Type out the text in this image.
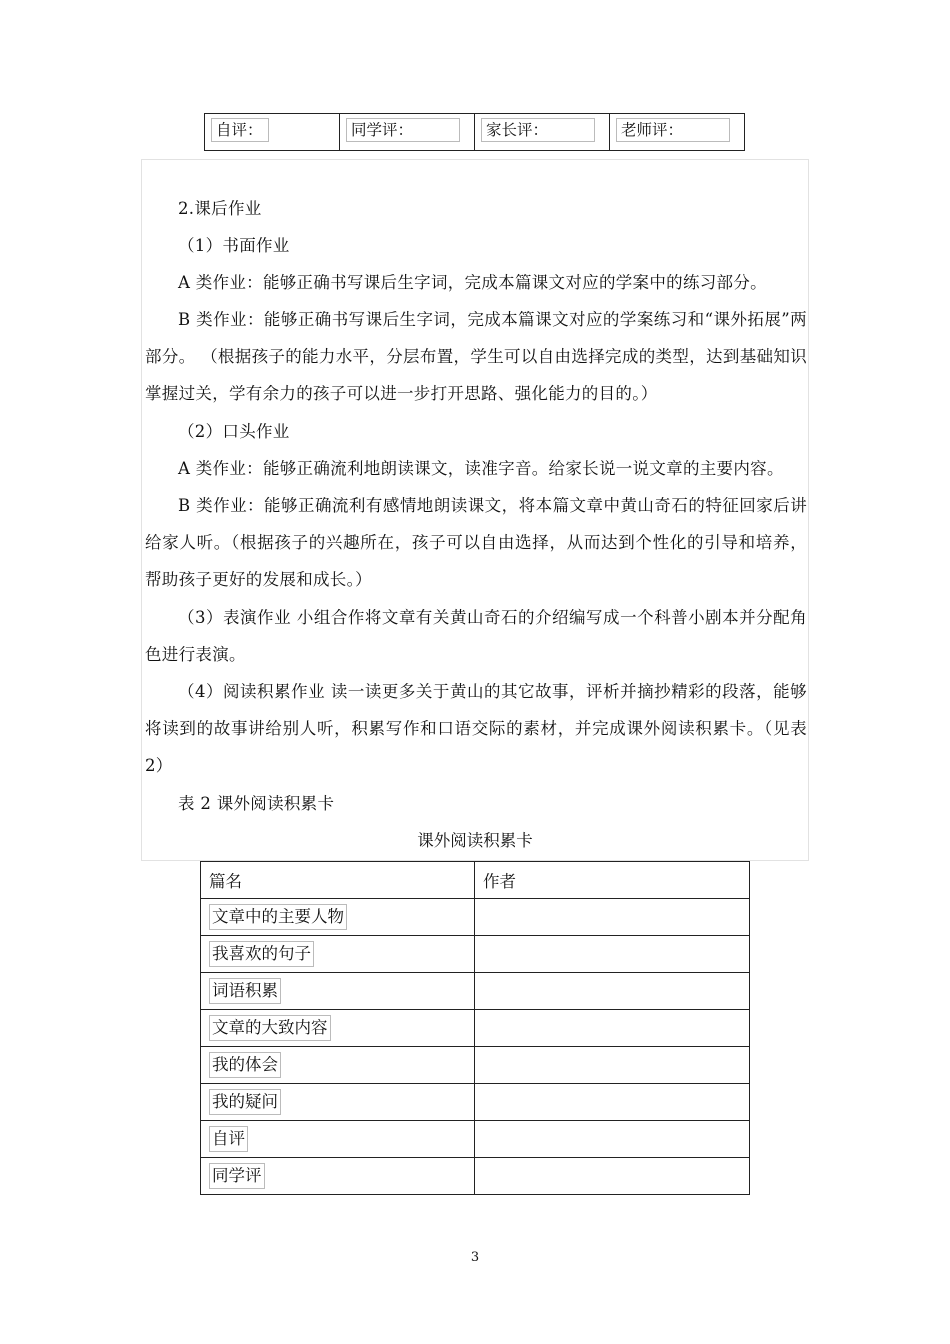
自评：	同学评：	家长评：	老师评：

2.课后作业

（1）书面作业

A 类作业：能够正确书写课后生字词，完成本篇课文对应的学案中的练习部分。

B 类作业：能够正确书写课后生字词，完成本篇课文对应的学案练习和“课外拓展”两部分。 （根据孩子的能力水平，分层布置，学生可以自由选择完成的类型，达到基础知识掌握过关，学有余力的孩子可以进一步打开思路、强化能力的目的。）

（2）口头作业

A 类作业：能够正确流利地朗读课文，读准字音。给家长说一说文章的主要内容。

B 类作业：能够正确流利有感情地朗读课文，将本篇文章中黄山奇石的特征回家后讲给家人听。（根据孩子的兴趣所在，孩子可以自由选择，从而达到个性化的引导和培养，帮助孩子更好的发展和成长。）

（3）表演作业 小组合作将文章有关黄山奇石的介绍编写成一个科普小剧本并分配角色进行表演。

（4）阅读积累作业 读一读更多关于黄山的其它故事，评析并摘抄精彩的段落，能够将读到的故事讲给别人听，积累写作和口语交际的素材，并完成课外阅读积累卡。（见表 2）

表 2 课外阅读积累卡

课外阅读积累卡
篇名	作者
文章中的主要人物	
我喜欢的句子	
词语积累	
文章的大致内容	
我的体会	
我的疑问	
自评	
同学评	
3
